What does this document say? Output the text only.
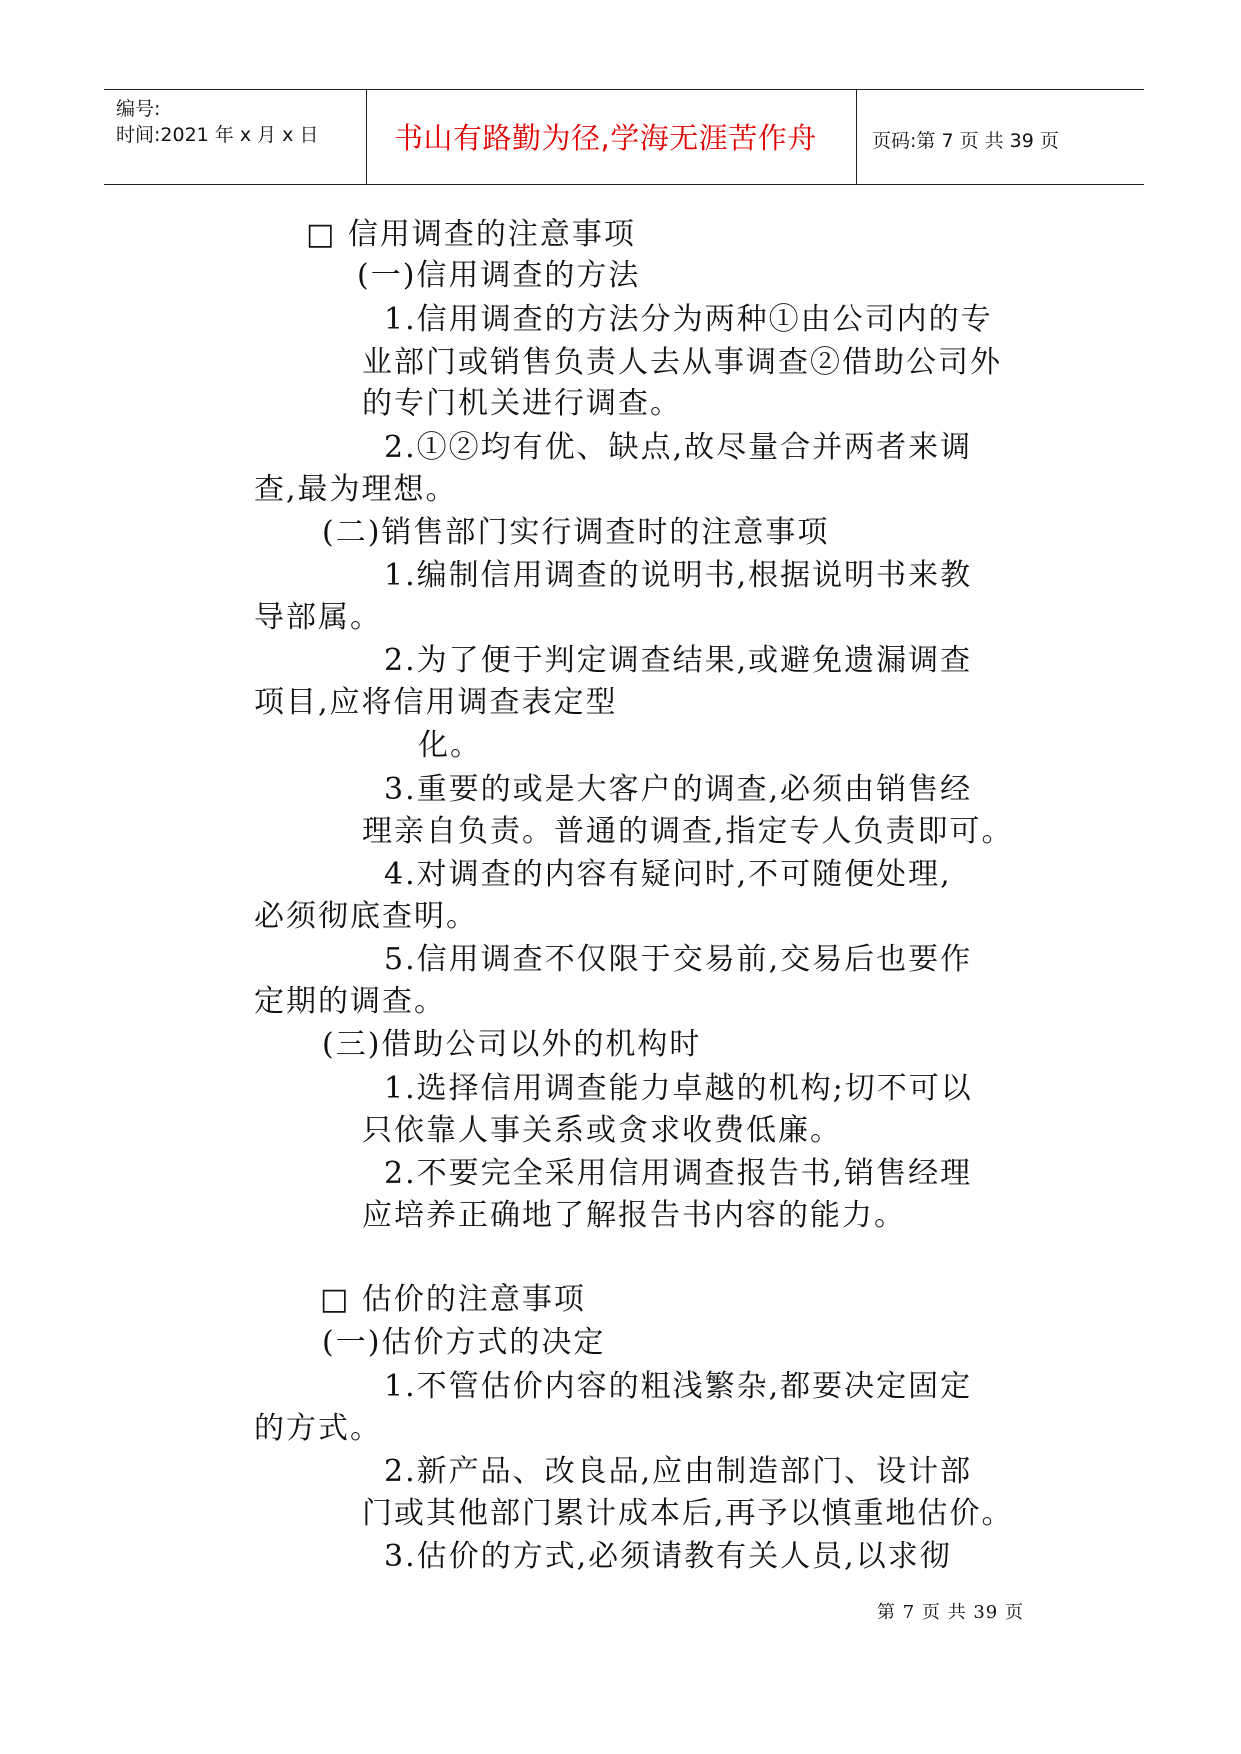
编号:
时间:2021 年 x 月 x 日	书山有路勤为径,学海无涯苦作舟	页码:第 7 页 共 39 页
□ 信用调查的注意事项
(一)信用调查的方法
1.信用调查的方法分为两种①由公司内的专
业部门或销售负责人去从事调查②借助公司外
的专门机关进行调查。
2.①②均有优、缺点,故尽量合并两者来调
查,最为理想。
(二)销售部门实行调查时的注意事项
1.编制信用调查的说明书,根据说明书来教
导部属。
2.为了便于判定调查结果,或避免遗漏调查
项目,应将信用调查表定型
化。
3.重要的或是大客户的调查,必须由销售经
理亲自负责。普通的调查,指定专人负责即可。
4.对调查的内容有疑问时,不可随便处理,
必须彻底查明。
5.信用调查不仅限于交易前,交易后也要作
定期的调查。
(三)借助公司以外的机构时
1.选择信用调查能力卓越的机构;切不可以
只依靠人事关系或贪求收费低廉。
2.不要完全采用信用调查报告书,销售经理
应培养正确地了解报告书内容的能力。
□ 估价的注意事项
(一)估价方式的决定
1.不管估价内容的粗浅繁杂,都要决定固定
的方式。
2.新产品、改良品,应由制造部门、设计部
门或其他部门累计成本后,再予以慎重地估价。
3.估价的方式,必须请教有关人员,以求彻
第 7 页 共 39 页
